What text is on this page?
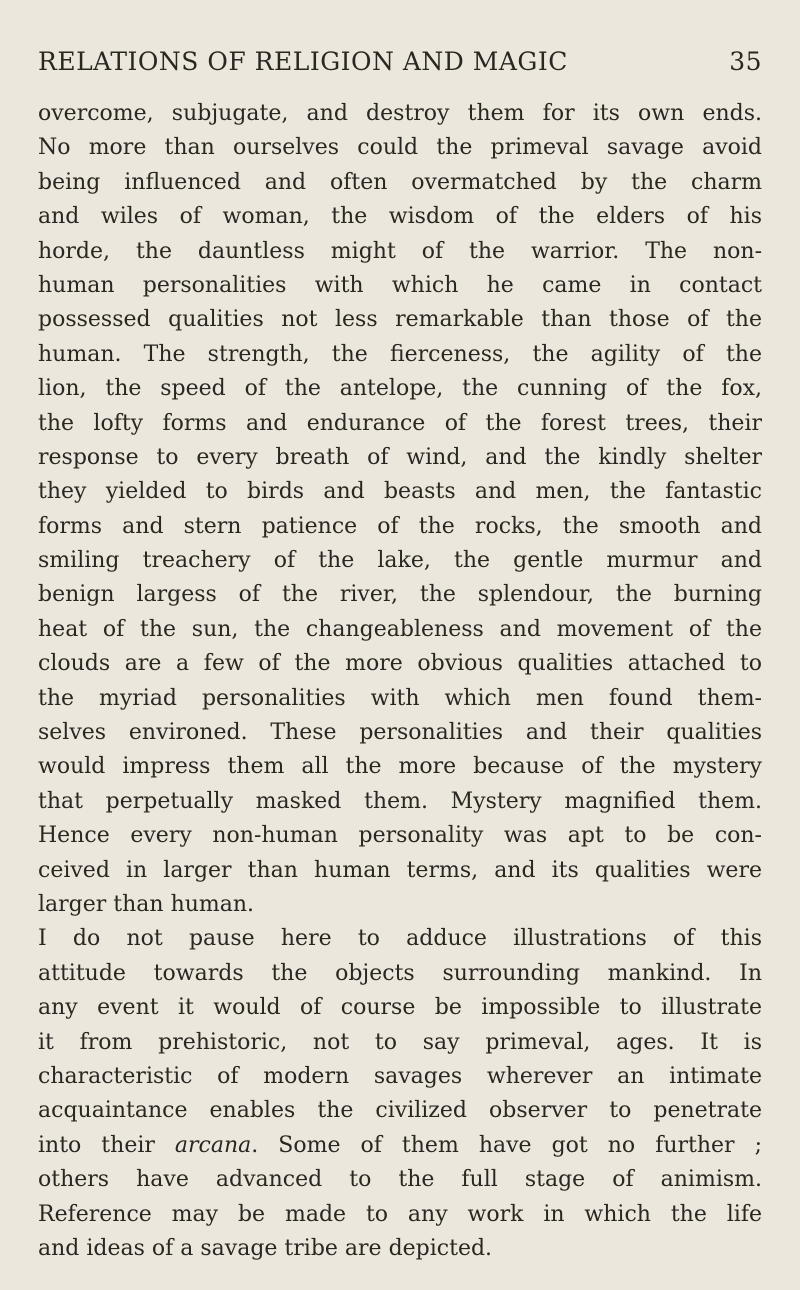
RELATIONS OF RELIGION AND MAGIC	35
overcome, subjugate, and destroy them for its own ends.
No more than ourselves could the primeval savage avoid
being influenced and often overmatched by the charm
and wiles of woman, the wisdom of the elders of his
horde, the dauntless might of the warrior. The non-
human personalities with which he came in contact
possessed qualities not less remarkable than those of the
human. The strength, the fierceness, the agility of the
lion, the speed of the antelope, the cunning of the fox,
the lofty forms and endurance of the forest trees, their
response to every breath of wind, and the kindly shelter
they yielded to birds and beasts and men, the fantastic
forms and stern patience of the rocks, the smooth and
smiling treachery of the lake, the gentle murmur and
benign largess of the river, the splendour, the burning
heat of the sun, the changeableness and movement of the
clouds are a few of the more obvious qualities attached to
the myriad personalities with which men found them-
selves environed. These personalities and their qualities
would impress them all the more because of the mystery
that perpetually masked them. Mystery magnified them.
Hence every non-human personality was apt to be con-
ceived in larger than human terms, and its qualities were
larger than human.
I do not pause here to adduce illustrations of this
attitude towards the objects surrounding mankind. In
any event it would of course be impossible to illustrate
it from prehistoric, not to say primeval, ages. It is
characteristic of modern savages wherever an intimate
acquaintance enables the civilized observer to penetrate
into their arcana. Some of them have got no further ;
others have advanced to the full stage of animism.
Reference may be made to any work in which the life
and ideas of a savage tribe are depicted.
